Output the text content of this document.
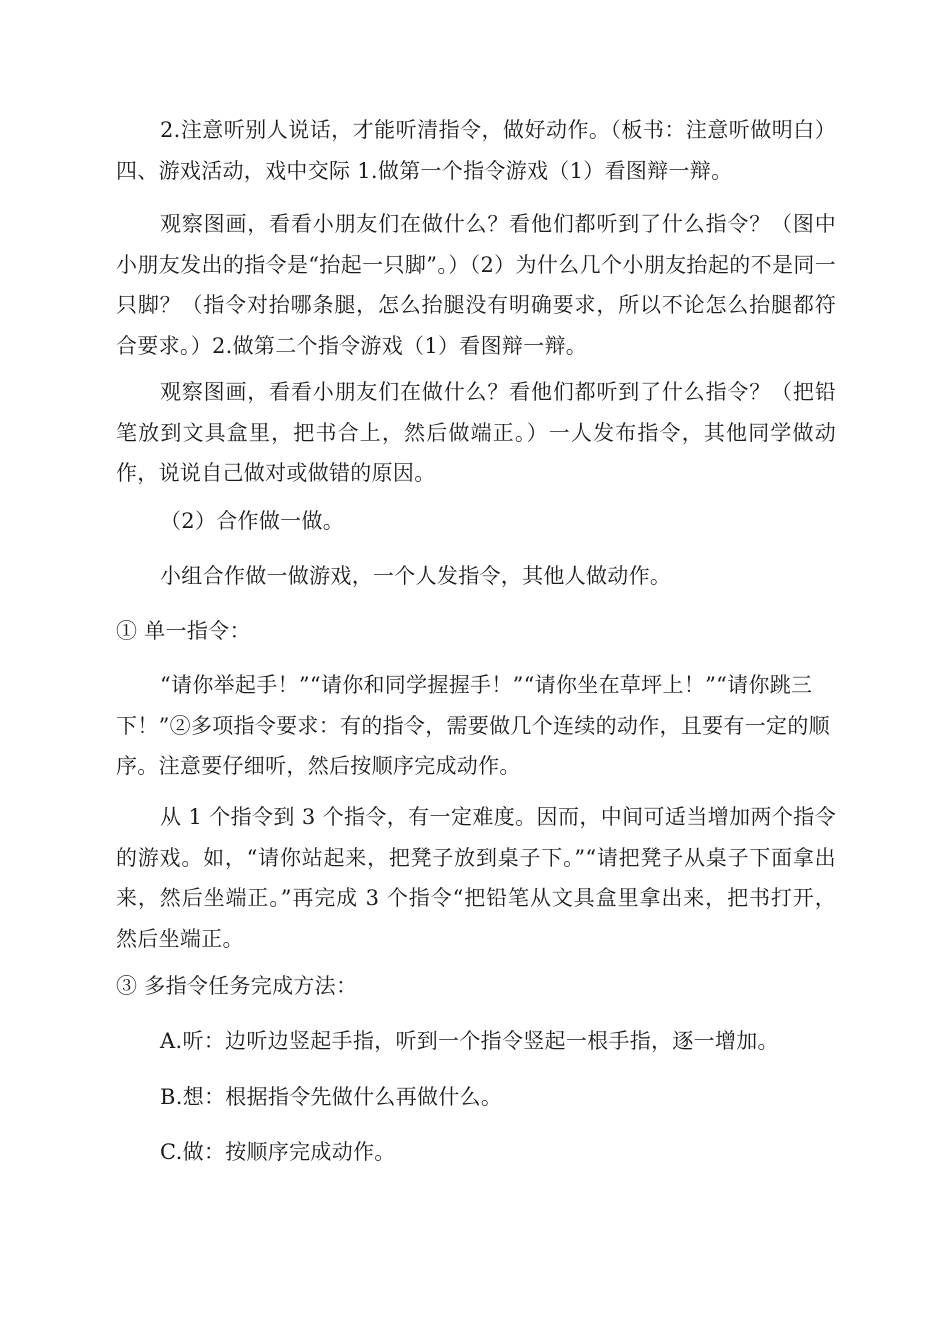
2.注意听别人说话，才能听清指令，做好动作。（板书：注意听做明白）四、游戏活动，戏中交际 1.做第一个指令游戏（1）看图辩一辩。

观察图画，看看小朋友们在做什么？看他们都听到了什么指令？（图中小朋友发出的指令是“抬起一只脚”。）（2）为什么几个小朋友抬起的不是同一只脚？（指令对抬哪条腿，怎么抬腿没有明确要求，所以不论怎么抬腿都符合要求。）2.做第二个指令游戏（1）看图辩一辩。

观察图画，看看小朋友们在做什么？看他们都听到了什么指令？（把铅笔放到文具盒里，把书合上，然后做端正。）一人发布指令，其他同学做动作，说说自己做对或做错的原因。

（2）合作做一做。

小组合作做一做游戏，一个人发指令，其他人做动作。

① 单一指令：

“请你举起手！”“请你和同学握握手！”“请你坐在草坪上！”“请你跳三下！”②多项指令要求：有的指令，需要做几个连续的动作，且要有一定的顺序。注意要仔细听，然后按顺序完成动作。

从 1 个指令到 3 个指令，有一定难度。因而，中间可适当增加两个指令的游戏。如，“请你站起来，把凳子放到桌子下。”“请把凳子从桌子下面拿出来，然后坐端正。”再完成 3 个指令“把铅笔从文具盒里拿出来，把书打开，然后坐端正。

③ 多指令任务完成方法：

A.听：边听边竖起手指，听到一个指令竖起一根手指，逐一增加。

B.想：根据指令先做什么再做什么。

C.做：按顺序完成动作。
